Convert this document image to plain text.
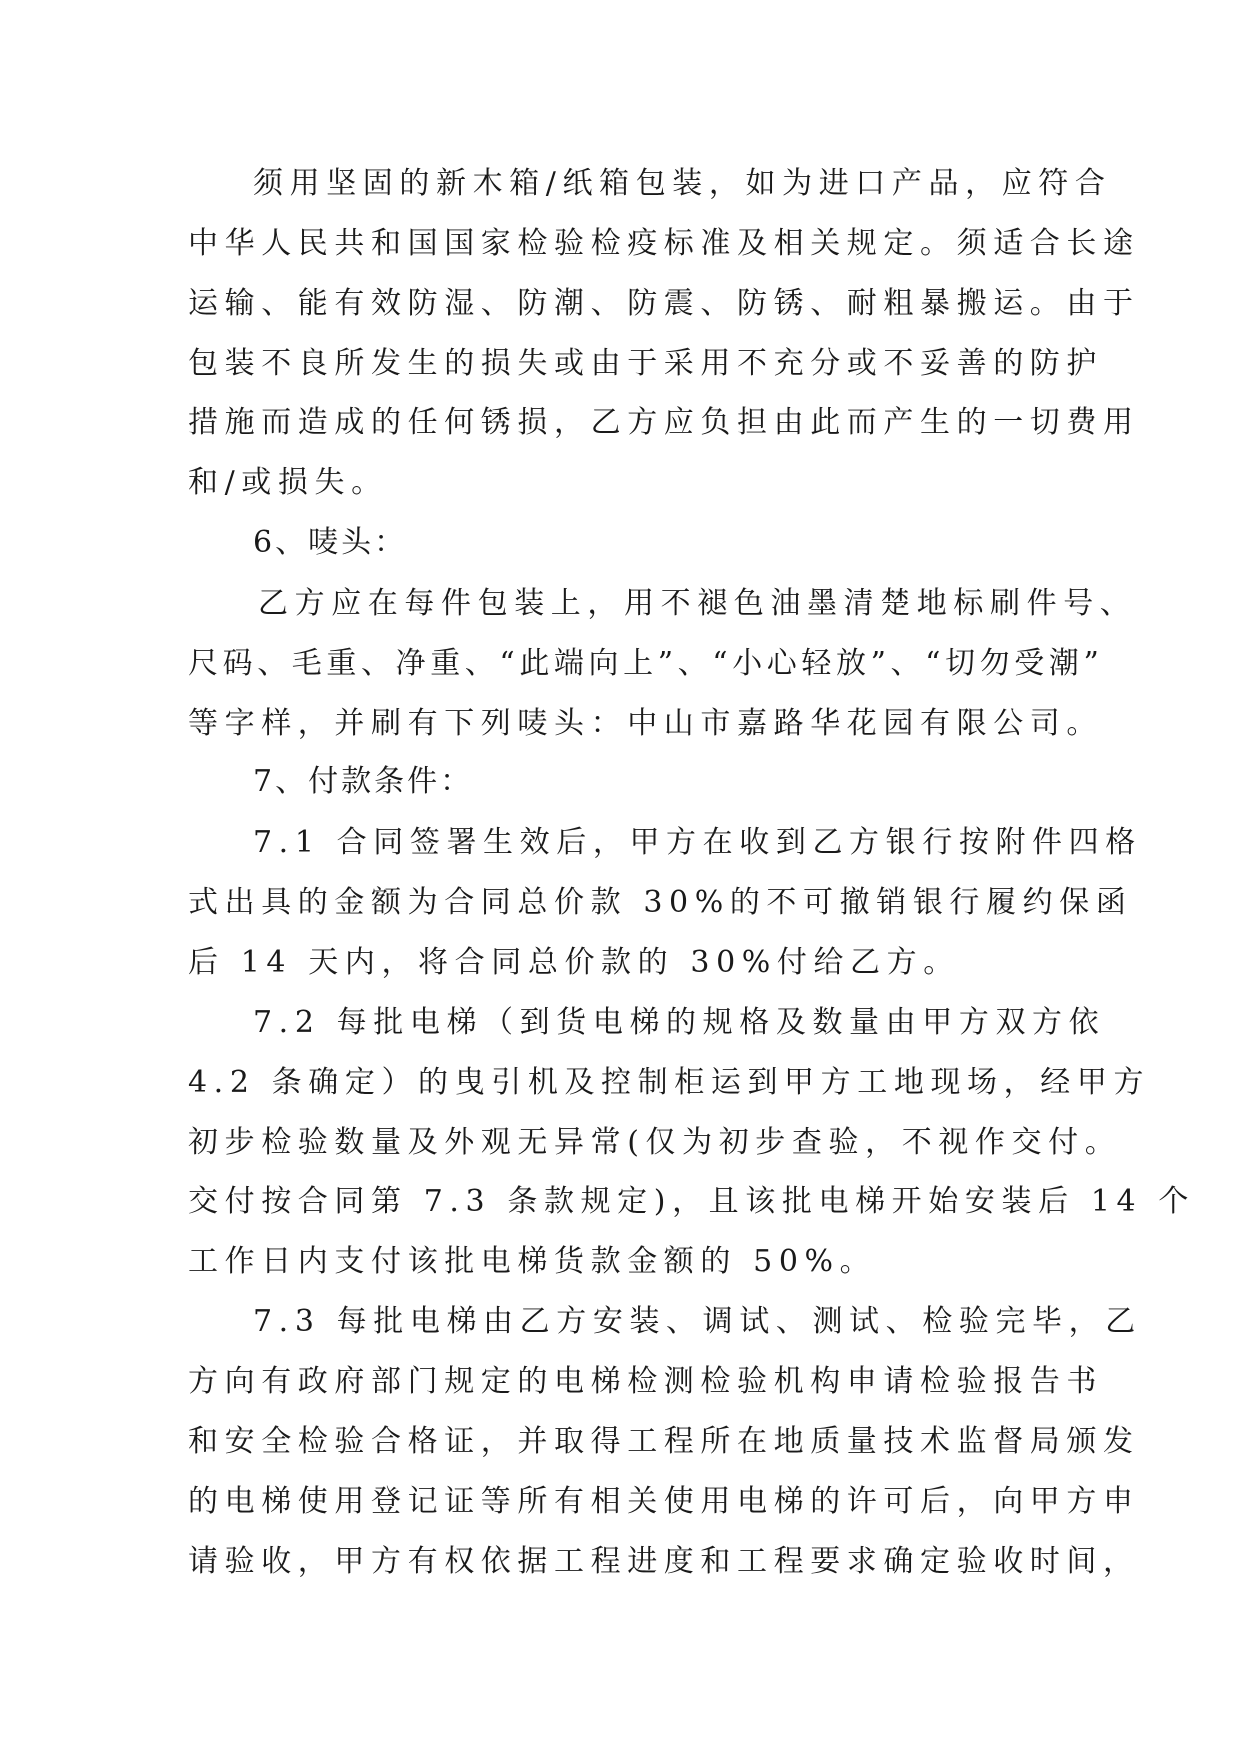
须用坚固的新木箱/纸箱包装，如为进口产品，应符合
中华人民共和国国家检验检疫标准及相关规定。须适合长途
运输、能有效防湿、防潮、防震、防锈、耐粗暴搬运。由于
包装不良所发生的损失或由于采用不充分或不妥善的防护
措施而造成的任何锈损，乙方应负担由此而产生的一切费用
和/或损失。
6、唛头：
乙方应在每件包装上，用不褪色油墨清楚地标刷件号、
尺码、毛重、净重、“此端向上”、“小心轻放”、“切勿受潮”
等字样，并刷有下列唛头：中山市嘉路华花园有限公司。
7、付款条件：
7.1 合同签署生效后，甲方在收到乙方银行按附件四格
式出具的金额为合同总价款 30%的不可撤销银行履约保函
后 14 天内，将合同总价款的 30%付给乙方。
7.2 每批电梯（到货电梯的规格及数量由甲方双方依
4.2 条确定）的曳引机及控制柜运到甲方工地现场，经甲方
初步检验数量及外观无异常(仅为初步查验，不视作交付。
交付按合同第 7.3 条款规定)，且该批电梯开始安装后 14 个
工作日内支付该批电梯货款金额的 50%。
7.3 每批电梯由乙方安装、调试、测试、检验完毕，乙
方向有政府部门规定的电梯检测检验机构申请检验报告书
和安全检验合格证，并取得工程所在地质量技术监督局颁发
的电梯使用登记证等所有相关使用电梯的许可后，向甲方申
请验收，甲方有权依据工程进度和工程要求确定验收时间，
